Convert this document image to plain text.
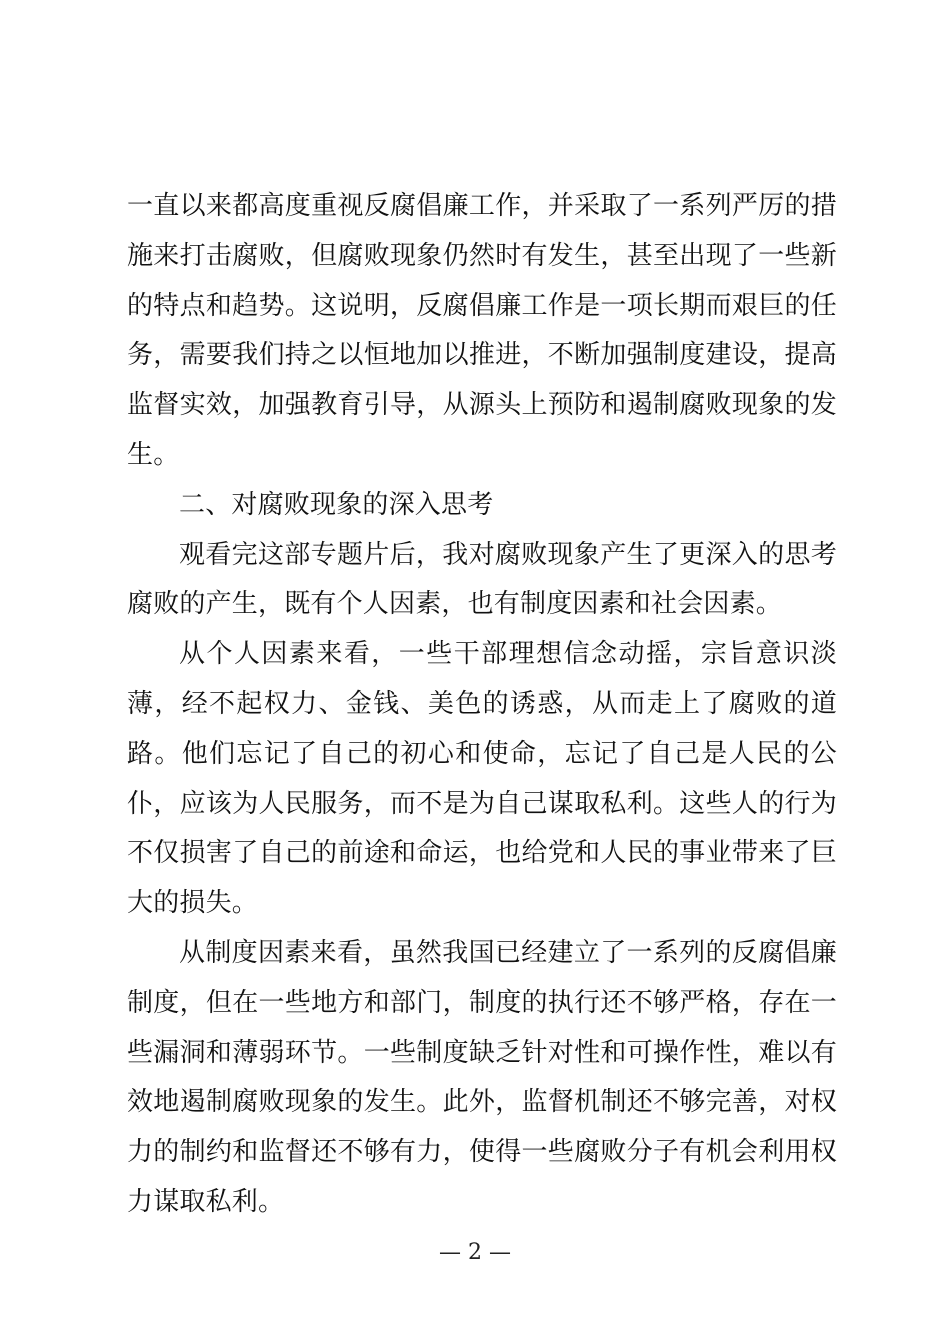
一直以来都高度重视反腐倡廉工作，并采取了一系列严厉的措施来打击腐败，但腐败现象仍然时有发生，甚至出现了一些新的特点和趋势。这说明，反腐倡廉工作是一项长期而艰巨的任务，需要我们持之以恒地加以推进，不断加强制度建设，提高监督实效，加强教育引导，从源头上预防和遏制腐败现象的发生。

二、对腐败现象的深入思考

观看完这部专题片后，我对腐败现象产生了更深入的思考腐败的产生，既有个人因素，也有制度因素和社会因素。

从个人因素来看，一些干部理想信念动摇，宗旨意识淡薄，经不起权力、金钱、美色的诱惑，从而走上了腐败的道路。他们忘记了自己的初心和使命，忘记了自己是人民的公仆，应该为人民服务，而不是为自己谋取私利。这些人的行为不仅损害了自己的前途和命运，也给党和人民的事业带来了巨大的损失。

从制度因素来看，虽然我国已经建立了一系列的反腐倡廉制度，但在一些地方和部门，制度的执行还不够严格，存在一些漏洞和薄弱环节。一些制度缺乏针对性和可操作性，难以有效地遏制腐败现象的发生。此外，监督机制还不够完善，对权力的制约和监督还不够有力，使得一些腐败分子有机会利用权力谋取私利。

— 2 —
